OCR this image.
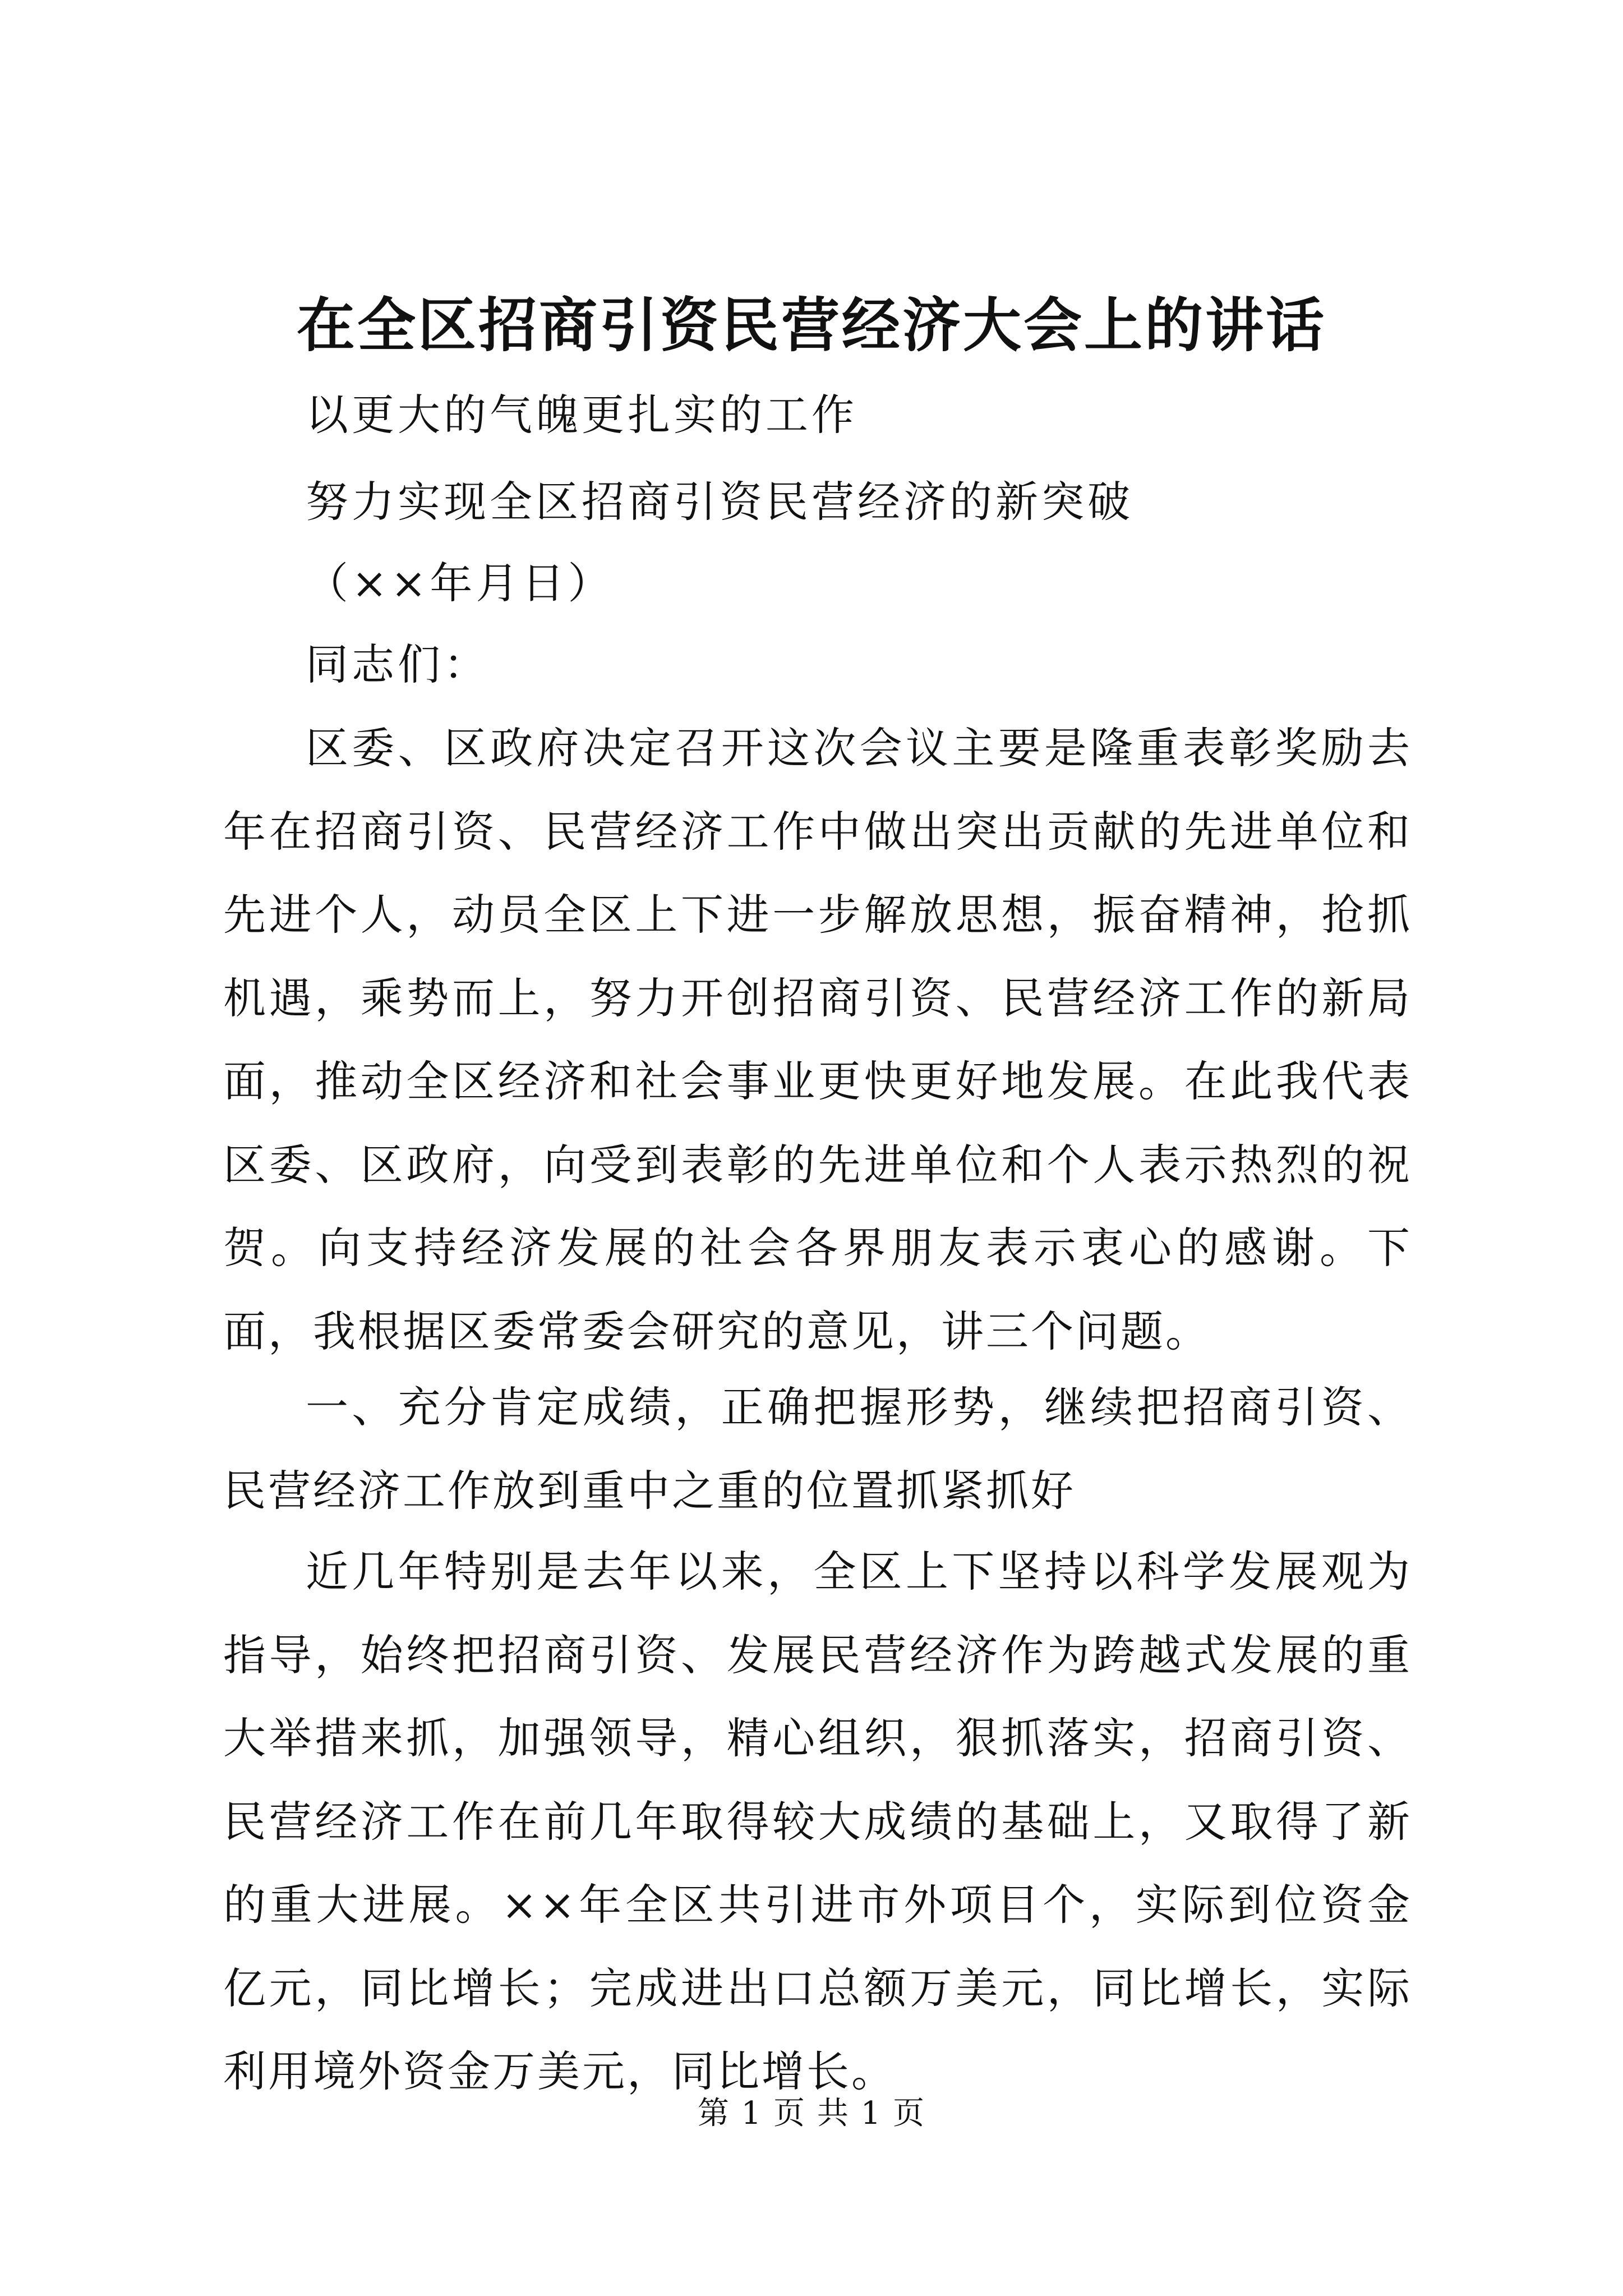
在全区招商引资民营经济大会上的讲话
以更大的气魄更扎实的工作
努力实现全区招商引资民营经济的新突破
（××年月日）
同志们：

区委、区政府决定召开这次会议主要是隆重表彰奖励去年在招商引资、民营经济工作中做出突出贡献的先进单位和先进个人，动员全区上下进一步解放思想，振奋精神，抢抓机遇，乘势而上，努力开创招商引资、民营经济工作的新局面，推动全区经济和社会事业更快更好地发展。在此我代表区委、区政府，向受到表彰的先进单位和个人表示热烈的祝贺。向支持经济发展的社会各界朋友表示衷心的感谢。下面，我根据区委常委会研究的意见，讲三个问题。

一、充分肯定成绩，正确把握形势，继续把招商引资、民营经济工作放到重中之重的位置抓紧抓好

近几年特别是去年以来，全区上下坚持以科学发展观为指导，始终把招商引资、发展民营经济作为跨越式发展的重大举措来抓，加强领导，精心组织，狠抓落实，招商引资、民营经济工作在前几年取得较大成绩的基础上，又取得了新的重大进展。××年全区共引进市外项目个，实际到位资金亿元，同比增长；完成进出口总额万美元，同比增长，实际利用境外资金万美元，同比增长。

第 1 页 共 1 页
